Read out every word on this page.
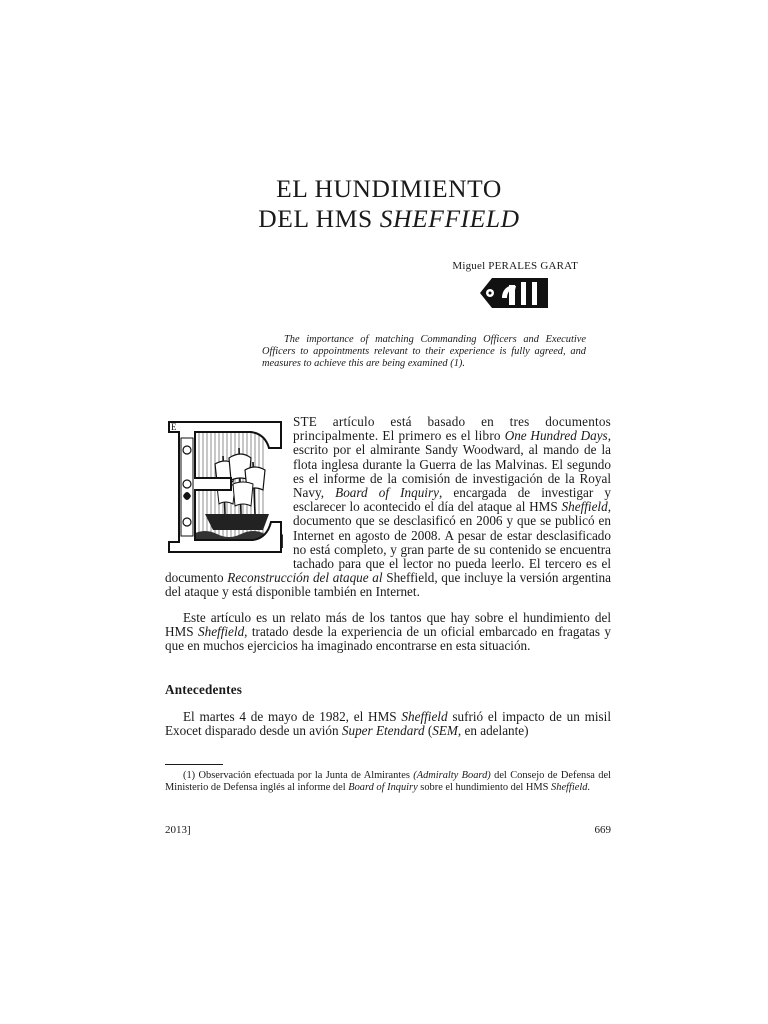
EL HUNDIMIENTO
DEL HMS SHEFFIELD
Miguel PERALES GARAT

The importance of matching Commanding Officers and Executive Officers to appointments relevant to their experience is fully agreed, and measures to achieve this are being examined (1).

E	STE artículo está basado en tres documentos principalmente. El primero es el libro One Hundred Days, escrito por el almirante Sandy Woodward, al mando de la flota inglesa durante la Guerra de las Malvinas. El segundo es el informe de la comisión de investigación de la Royal Navy, Board of Inquiry, encargada de investigar y esclarecer lo acontecido el día del ataque al HMS Sheffield, documento que se desclasificó en 2006 y que se publicó en Internet en agosto de 2008. A pesar de estar desclasificado no está completo, y gran parte de su contenido se encuentra tachado para que el lector no pueda leerlo. El tercero es el documento Reconstrucción del ataque al Sheffield, que incluye la versión argentina del ataque y está disponible también en Internet.
Este artículo es un relato más de los tantos que hay sobre el hundimiento del HMS Sheffield, tratado desde la experiencia de un oficial embarcado en fragatas y que en muchos ejercicios ha imaginado encontrarse en esta situación.
Antecedentes
El martes 4 de mayo de 1982, el HMS Sheffield sufrió el impacto de un misil Exocet disparado desde un avión Super Etendard (SEM, en adelante)
(1) Observación efectuada por la Junta de Almirantes (Admiralty Board) del Consejo de Defensa del Ministerio de Defensa inglés al informe del Board of Inquiry sobre el hundimiento del HMS Sheffield.
2013]	669
